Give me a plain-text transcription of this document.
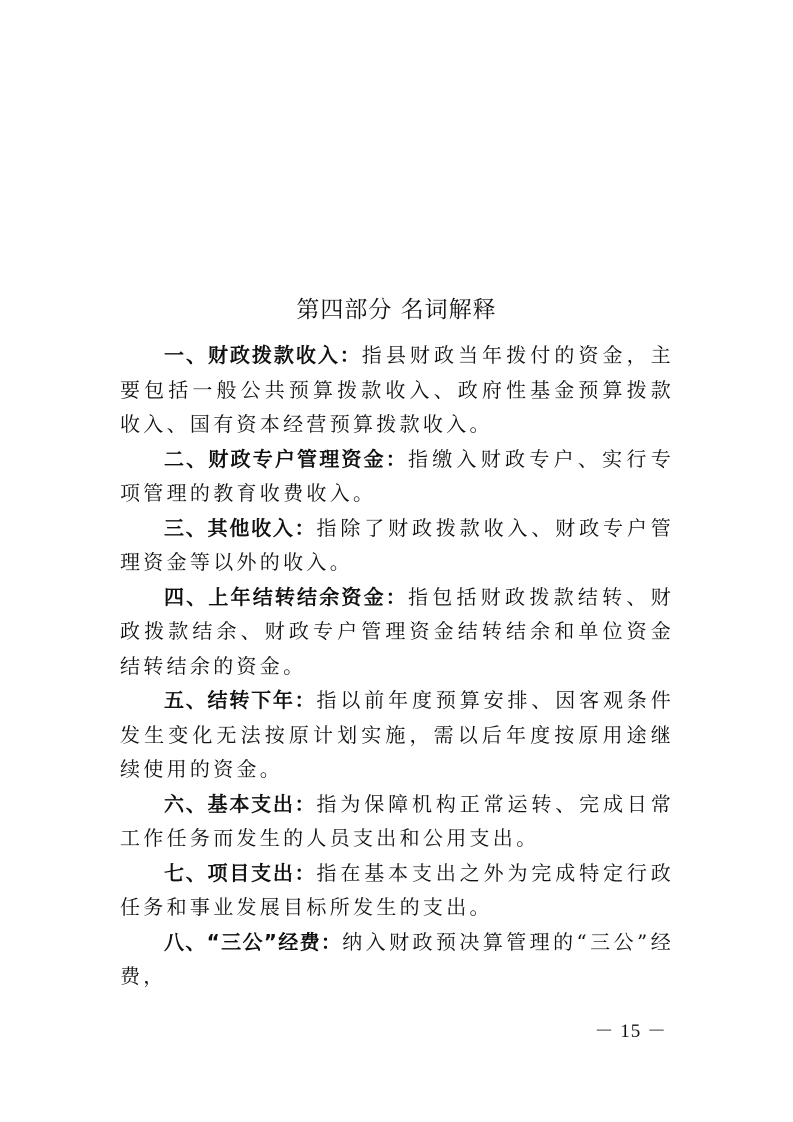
第四部分 名词解释

一、财政拨款收入：指县财政当年拨付的资金，主要包括一般公共预算拨款收入、政府性基金预算拨款收入、国有资本经营预算拨款收入。

二、财政专户管理资金：指缴入财政专户、实行专项管理的教育收费收入。

三、其他收入：指除了财政拨款收入、财政专户管理资金等以外的收入。

四、上年结转结余资金：指包括财政拨款结转、财政拨款结余、财政专户管理资金结转结余和单位资金结转结余的资金。

五、结转下年：指以前年度预算安排、因客观条件发生变化无法按原计划实施，需以后年度按原用途继续使用的资金。

六、基本支出：指为保障机构正常运转、完成日常工作任务而发生的人员支出和公用支出。

七、项目支出：指在基本支出之外为完成特定行政任务和事业发展目标所发生的支出。

八、“三公”经费：纳入财政预决算管理的“三公”经费，

－ 15 －
